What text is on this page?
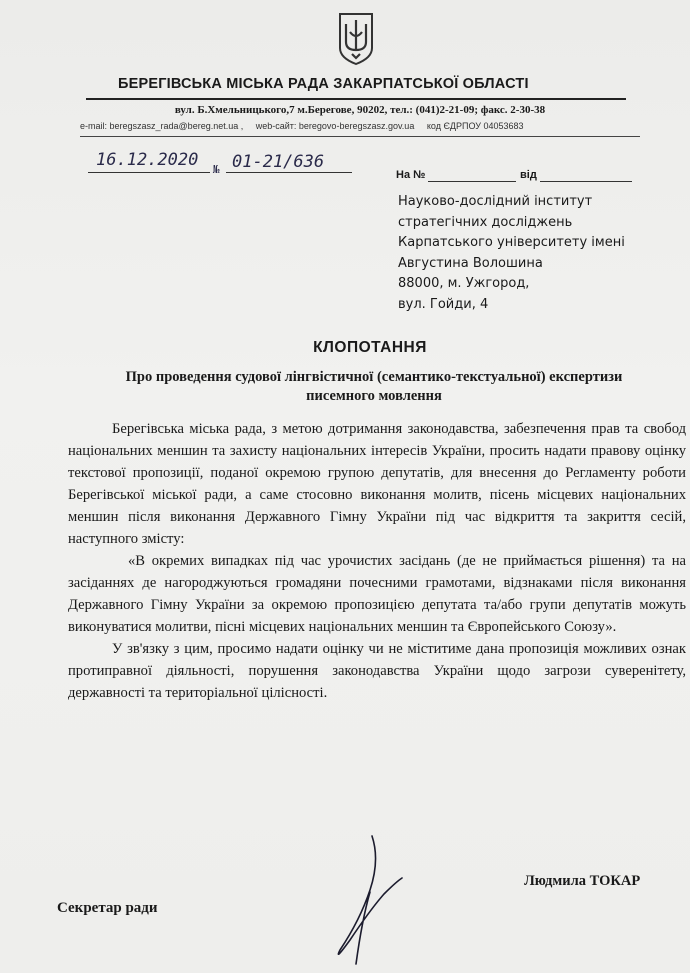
БЕРЕГІВСЬКА МІСЬКА РАДА ЗАКАРПАТСЬКОЇ ОБЛАСТІ
вул. Б.Хмельницького,7 м.Берегове, 90202, тел.: (041)2-21-09; факс. 2-30-38
e-mail: beregszasz_rada@bereg.net.ua , web-сайт: beregovo-beregszasz.gov.ua код ЄДРПОУ 04053683
16.12.2020 № 01-21/636
На №	від
Науково-дослідний інститут
стратегічних досліджень
Карпатського університету імені
Августина Волошина
88000, м. Ужгород,
вул. Гойди, 4
КЛОПОТАННЯ
Про проведення судової лінгвістичної (семантико-текстуальної) експертизи писемного мовлення

Берегівська міська рада, з метою дотримання законодавства, забезпечення прав та свобод національних меншин та захисту національних інтересів України, просить надати правову оцінку текстової пропозиції, поданої окремою групою депутатів, для внесення до Регламенту роботи Берегівської міської ради, а саме стосовно виконання молитв, пісень місцевих національних меншин після виконання Державного Гімну України під час відкриття та закриття сесій, наступного змісту:

«В окремих випадках під час урочистих засідань (де не приймається рішення) та на засіданнях де нагороджуються громадяни почесними грамотами, відзнаками після виконання Державного Гімну України за окремою пропозицією депутата та/або групи депутатів можуть виконуватися молитви, пісні місцевих національних меншин та Європейського Союзу».

У зв'язку з цим, просимо надати оцінку чи не міститиме дана пропозиція можливих ознак протиправної діяльності, порушення законодавства України щодо загрози суверенітету, державності та територіальної цілісності.

Людмила ТОКАР
Секретар ради
